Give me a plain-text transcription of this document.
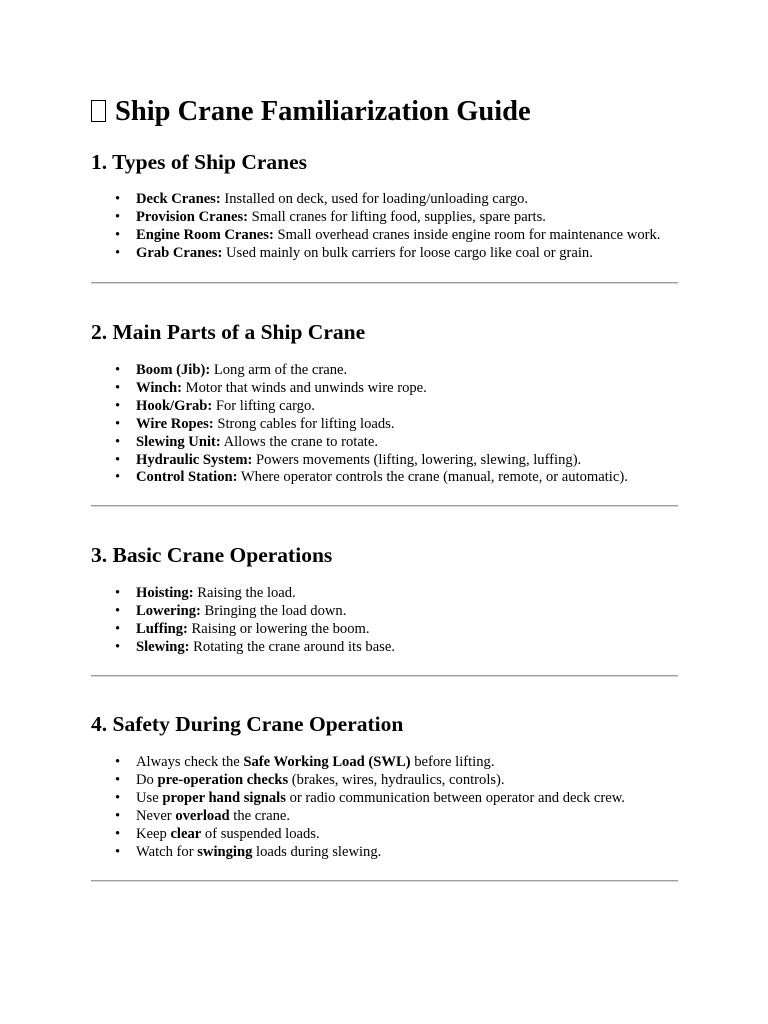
Ship Crane Familiarization Guide
1. Types of Ship Cranes
• Deck Cranes: Installed on deck, used for loading/unloading cargo.
• Provision Cranes: Small cranes for lifting food, supplies, spare parts.
• Engine Room Cranes: Small overhead cranes inside engine room for maintenance work.
• Grab Cranes: Used mainly on bulk carriers for loose cargo like coal or grain.
2. Main Parts of a Ship Crane
• Boom (Jib): Long arm of the crane.
• Winch: Motor that winds and unwinds wire rope.
• Hook/Grab: For lifting cargo.
• Wire Ropes: Strong cables for lifting loads.
• Slewing Unit: Allows the crane to rotate.
• Hydraulic System: Powers movements (lifting, lowering, slewing, luffing).
• Control Station: Where operator controls the crane (manual, remote, or automatic).
3. Basic Crane Operations
• Hoisting: Raising the load.
• Lowering: Bringing the load down.
• Luffing: Raising or lowering the boom.
• Slewing: Rotating the crane around its base.
4. Safety During Crane Operation
• Always check the Safe Working Load (SWL) before lifting.
• Do pre-operation checks (brakes, wires, hydraulics, controls).
• Use proper hand signals or radio communication between operator and deck crew.
• Never overload the crane.
• Keep clear of suspended loads.
• Watch for swinging loads during slewing.
